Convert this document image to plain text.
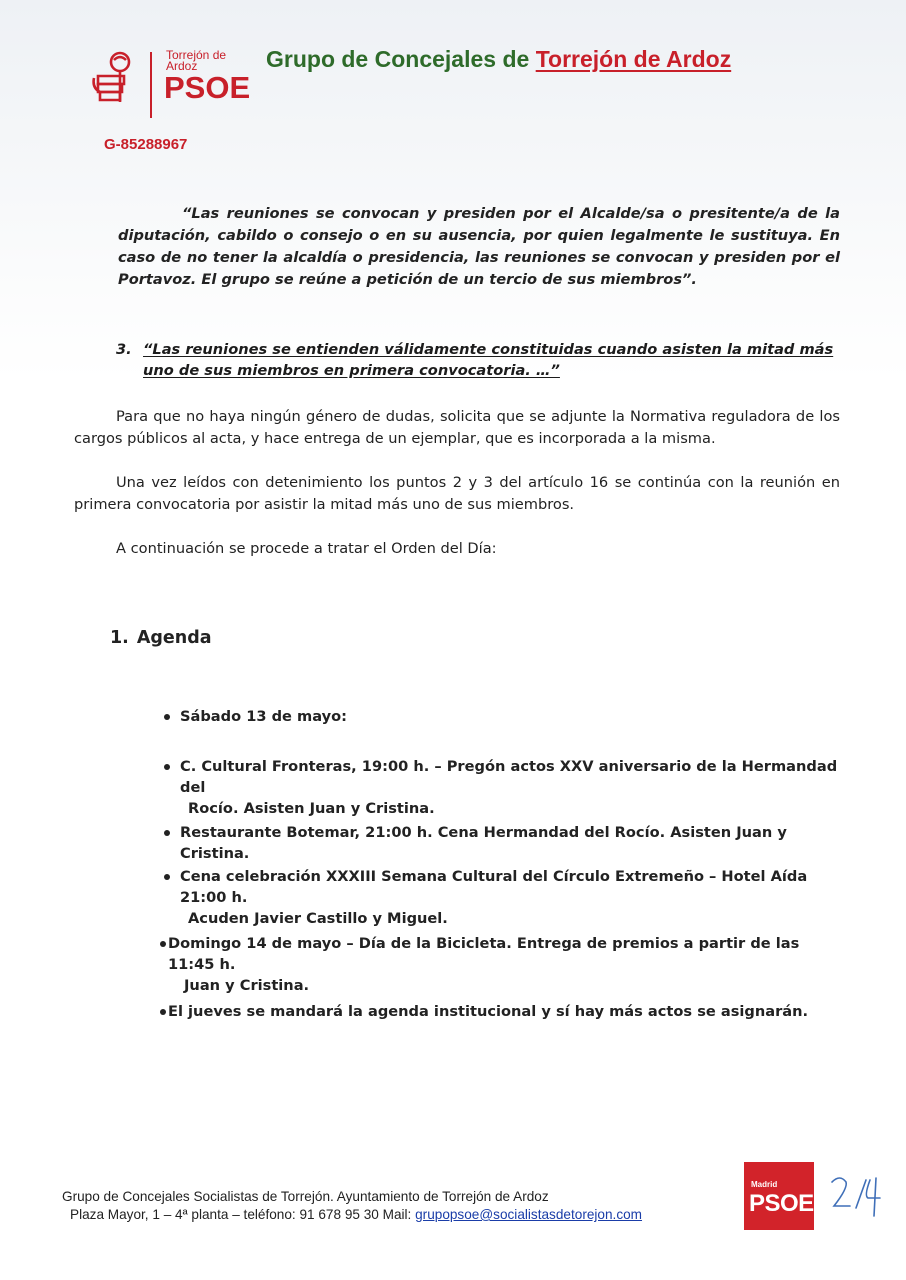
Torrejón de Ardoz
PSOE
Grupo de Concejales de Torrejón de Ardoz
G-85288967
“Las reuniones se convocan y presiden por el Alcalde/sa o presitente/a de la diputación, cabildo o consejo o en su ausencia, por quien legalmente le sustituya. En caso de no tener la alcaldía o presidencia, las reuniones se convocan y presiden por el Portavoz. El grupo se reúne a petición de un tercio de sus miembros”.
3. “Las reuniones se entienden válidamente constituidas cuando asisten la mitad más uno de sus miembros en primera convocatoria. …”
Para que no haya ningún género de dudas, solicita que se adjunte la Normativa reguladora de los cargos públicos al acta, y hace entrega de un ejemplar, que es incorporada a la misma.
Una vez leídos con detenimiento los puntos 2 y 3 del artículo 16 se continúa con la reunión en primera convocatoria por asistir la mitad más uno de sus miembros.
A continuación se procede a tratar el Orden del Día:
1. Agenda
Sábado 13 de mayo:
C. Cultural Fronteras, 19:00 h. – Pregón actos XXV aniversario de la Hermandad del
Rocío. Asisten Juan y Cristina.
Restaurante Botemar, 21:00 h. Cena Hermandad del Rocío. Asisten Juan y Cristina.
Cena celebración XXXIII Semana Cultural del Círculo Extremeño – Hotel Aída 21:00 h.
Acuden Javier Castillo y Miguel.
Domingo 14 de mayo – Día de la Bicicleta. Entrega de premios a partir de las 11:45 h.
Juan y Cristina.
El jueves se mandará la agenda institucional y sí hay más actos se asignarán.
Grupo de Concejales Socialistas de Torrejón. Ayuntamiento de Torrejón de Ardoz
Plaza Mayor, 1 – 4ª planta – teléfono: 91 678 95 30 Mail: grupopsoe@socialistasdetorejon.com
Madrid
PSOE
